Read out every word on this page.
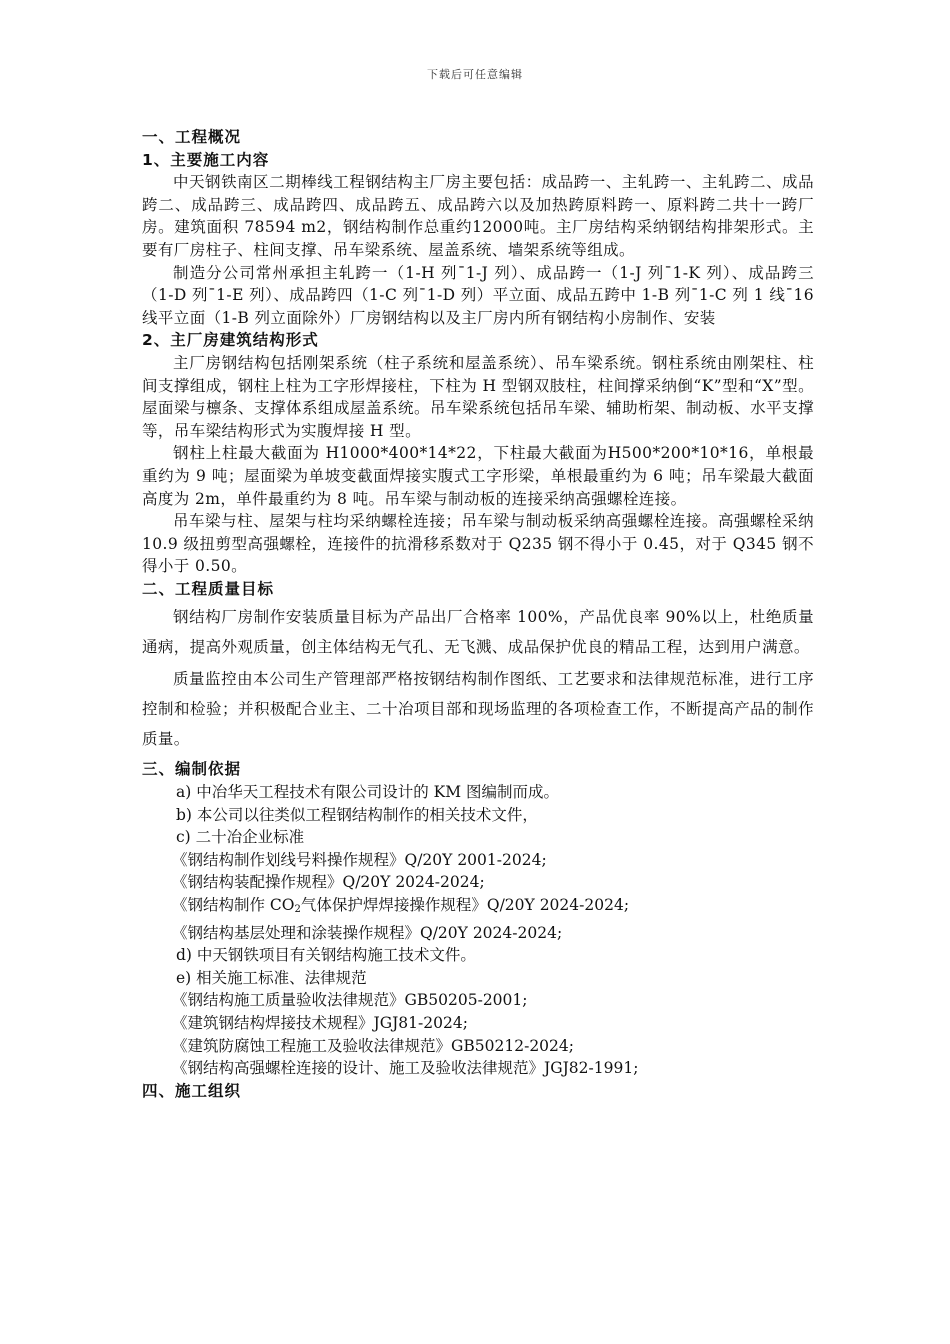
下载后可任意编辑
一、工程概况
1、主要施工内容

中天钢铁南区二期棒线工程钢结构主厂房主要包括：成品跨一、主轧跨一、主轧跨二、成品跨二、成品跨三、成品跨四、成品跨五、成品跨六以及加热跨原料跨一、原料跨二共十一跨厂房。建筑面积 78594 m2，钢结构制作总重约12000吨。主厂房结构采纳钢结构排架形式。主要有厂房柱子、柱间支撑、吊车梁系统、屋盖系统、墙架系统等组成。

制造分公司常州承担主轧跨一（1-H 列¯1-J 列）、成品跨一（1-J 列¯1-K 列）、成品跨三（1-D 列¯1-E 列）、成品跨四（1-C 列¯1-D 列）平立面、成品五跨中 1-B 列¯1-C 列 1 线¯16 线平立面（1-B 列立面除外）厂房钢结构以及主厂房内所有钢结构小房制作、安装

2、主厂房建筑结构形式

主厂房钢结构包括刚架系统（柱子系统和屋盖系统）、吊车梁系统。钢柱系统由刚架柱、柱间支撑组成，钢柱上柱为工字形焊接柱，下柱为 H 型钢双肢柱，柱间撑采纳倒“K”型和“X”型。屋面梁与檩条、支撑体系组成屋盖系统。吊车梁系统包括吊车梁、辅助桁架、制动板、水平支撑等，吊车梁结构形式为实腹焊接 H 型。

钢柱上柱最大截面为 H1000*400*14*22，下柱最大截面为H500*200*10*16，单根最重约为 9 吨；屋面梁为单坡变截面焊接实腹式工字形梁，单根最重约为 6 吨；吊车梁最大截面高度为 2m，单件最重约为 8 吨。吊车梁与制动板的连接采纳高强螺栓连接。

吊车梁与柱、屋架与柱均采纳螺栓连接；吊车梁与制动板采纳高强螺栓连接。高强螺栓采纳 10.9 级扭剪型高强螺栓，连接件的抗滑移系数对于 Q235 钢不得小于 0.45，对于 Q345 钢不得小于 0.50。

二、工程质量目标

钢结构厂房制作安装质量目标为产品出厂合格率 100%，产品优良率 90%以上，杜绝质量通病，提高外观质量，创主体结构无气孔、无飞溅、成品保护优良的精品工程，达到用户满意。

质量监控由本公司生产管理部严格按钢结构制作图纸、工艺要求和法律规范标准，进行工序控制和检验；并积极配合业主、二十冶项目部和现场监理的各项检查工作，不断提高产品的制作质量。

三、编制依据

a) 中冶华天工程技术有限公司设计的 KM 图编制而成。

b) 本公司以往类似工程钢结构制作的相关技术文件，

c) 二十冶企业标准

《钢结构制作划线号料操作规程》Q/20Y 2001-2024;

《钢结构装配操作规程》Q/20Y 2024-2024;

《钢结构制作 $CO_2$气体保护焊焊接操作规程》Q/20Y 2024-2024;

《钢结构基层处理和涂装操作规程》Q/20Y 2024-2024;

d) 中天钢铁项目有关钢结构施工技术文件。

e) 相关施工标准、法律规范

《钢结构施工质量验收法律规范》GB50205-2001;

《建筑钢结构焊接技术规程》JGJ81-2024;

《建筑防腐蚀工程施工及验收法律规范》GB50212-2024;

《钢结构高强螺栓连接的设计、施工及验收法律规范》JGJ82-1991;

四、施工组织
